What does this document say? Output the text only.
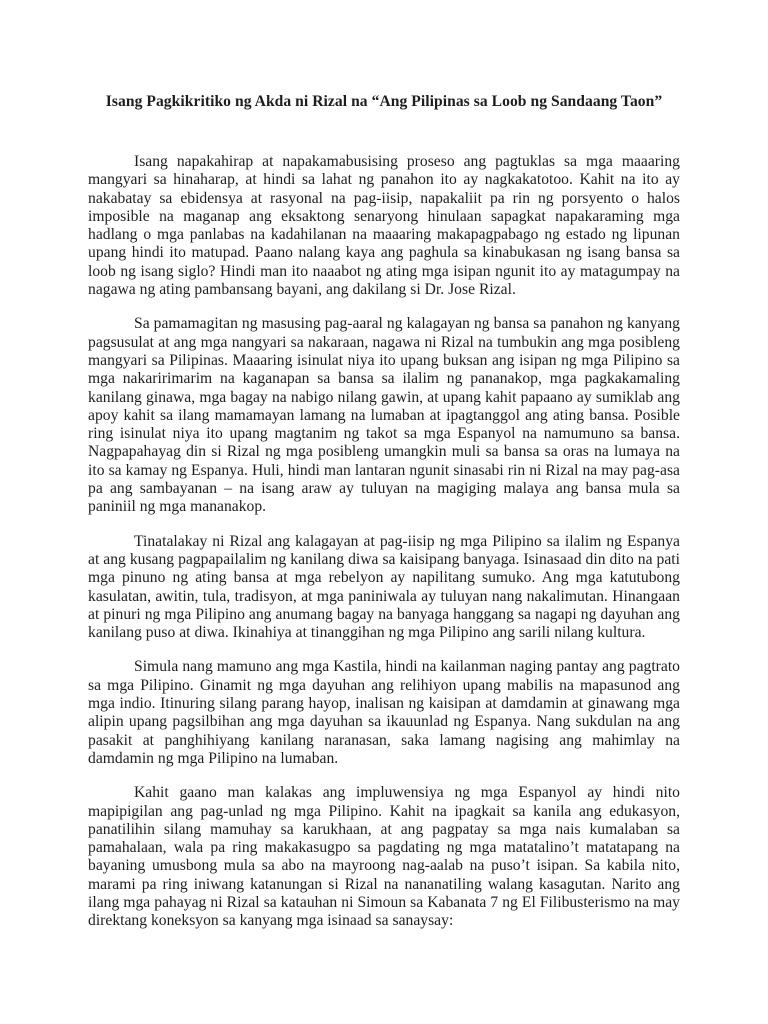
Isang Pagkikritiko ng Akda ni Rizal na “Ang Pilipinas sa Loob ng Sandaang Taon”

Isang napakahirap at napakamabusising proseso ang pagtuklas sa mga maaaring mangyari sa hinaharap, at hindi sa lahat ng panahon ito ay nagkakatotoo. Kahit na ito ay nakabatay sa ebidensya at rasyonal na pag-iisip, napakaliit pa rin ng porsyento o halos imposible na maganap ang eksaktong senaryong hinulaan sapagkat napakaraming mga hadlang o mga panlabas na kadahilanan na maaaring makapagpabago ng estado ng lipunan upang hindi ito matupad. Paano nalang kaya ang paghula sa kinabukasan ng isang bansa sa loob ng isang siglo? Hindi man ito naaabot ng ating mga isipan ngunit ito ay matagumpay na nagawa ng ating pambansang bayani, ang dakilang si Dr. Jose Rizal.

Sa pamamagitan ng masusing pag-aaral ng kalagayan ng bansa sa panahon ng kanyang pagsusulat at ang mga nangyari sa nakaraan, nagawa ni Rizal na tumbukin ang mga posibleng mangyari sa Pilipinas. Maaaring isinulat niya ito upang buksan ang isipan ng mga Pilipino sa mga nakaririmarim na kaganapan sa bansa sa ilalim ng pananakop, mga pagkakamaling kanilang ginawa, mga bagay na nabigo nilang gawin, at upang kahit papaano ay sumiklab ang apoy kahit sa ilang mamamayan lamang na lumaban at ipagtanggol ang ating bansa. Posible ring isinulat niya ito upang magtanim ng takot sa mga Espanyol na namumuno sa bansa. Nagpapahayag din si Rizal ng mga posibleng umangkin muli sa bansa sa oras na lumaya na ito sa kamay ng Espanya. Huli, hindi man lantaran ngunit sinasabi rin ni Rizal na may pag-asa pa ang sambayanan – na isang araw ay tuluyan na magiging malaya ang bansa mula sa paniniil ng mga mananakop.

Tinatalakay ni Rizal ang kalagayan at pag-iisip ng mga Pilipino sa ilalim ng Espanya at ang kusang pagpapailalim ng kanilang diwa sa kaisipang banyaga. Isinasaad din dito na pati mga pinuno ng ating bansa at mga rebelyon ay napilitang sumuko. Ang mga katutubong kasulatan, awitin, tula, tradisyon, at mga paniniwala ay tuluyan nang nakalimutan. Hinangaan at pinuri ng mga Pilipino ang anumang bagay na banyaga hanggang sa nagapi ng dayuhan ang kanilang puso at diwa. Ikinahiya at tinanggihan ng mga Pilipino ang sarili nilang kultura.

Simula nang mamuno ang mga Kastila, hindi na kailanman naging pantay ang pagtrato sa mga Pilipino. Ginamit ng mga dayuhan ang relihiyon upang mabilis na mapasunod ang mga indio. Itinuring silang parang hayop, inalisan ng kaisipan at damdamin at ginawang mga alipin upang pagsilbihan ang mga dayuhan sa ikauunlad ng Espanya. Nang sukdulan na ang pasakit at panghihiyang kanilang naranasan, saka lamang nagising ang mahimlay na damdamin ng mga Pilipino na lumaban.

Kahit gaano man kalakas ang impluwensiya ng mga Espanyol ay hindi nito mapipigilan ang pag-unlad ng mga Pilipino. Kahit na ipagkait sa kanila ang edukasyon, panatilihin silang mamuhay sa karukhaan, at ang pagpatay sa mga nais kumalaban sa pamahalaan, wala pa ring makakasugpo sa pagdating ng mga matatalino’t matatapang na bayaning umusbong mula sa abo na mayroong nag-aalab na puso’t isipan. Sa kabila nito, marami pa ring iniwang katanungan si Rizal na nananatiling walang kasagutan. Narito ang ilang mga pahayag ni Rizal sa katauhan ni Simoun sa Kabanata 7 ng El Filibusterismo na may direktang koneksyon sa kanyang mga isinaad sa sanaysay:
